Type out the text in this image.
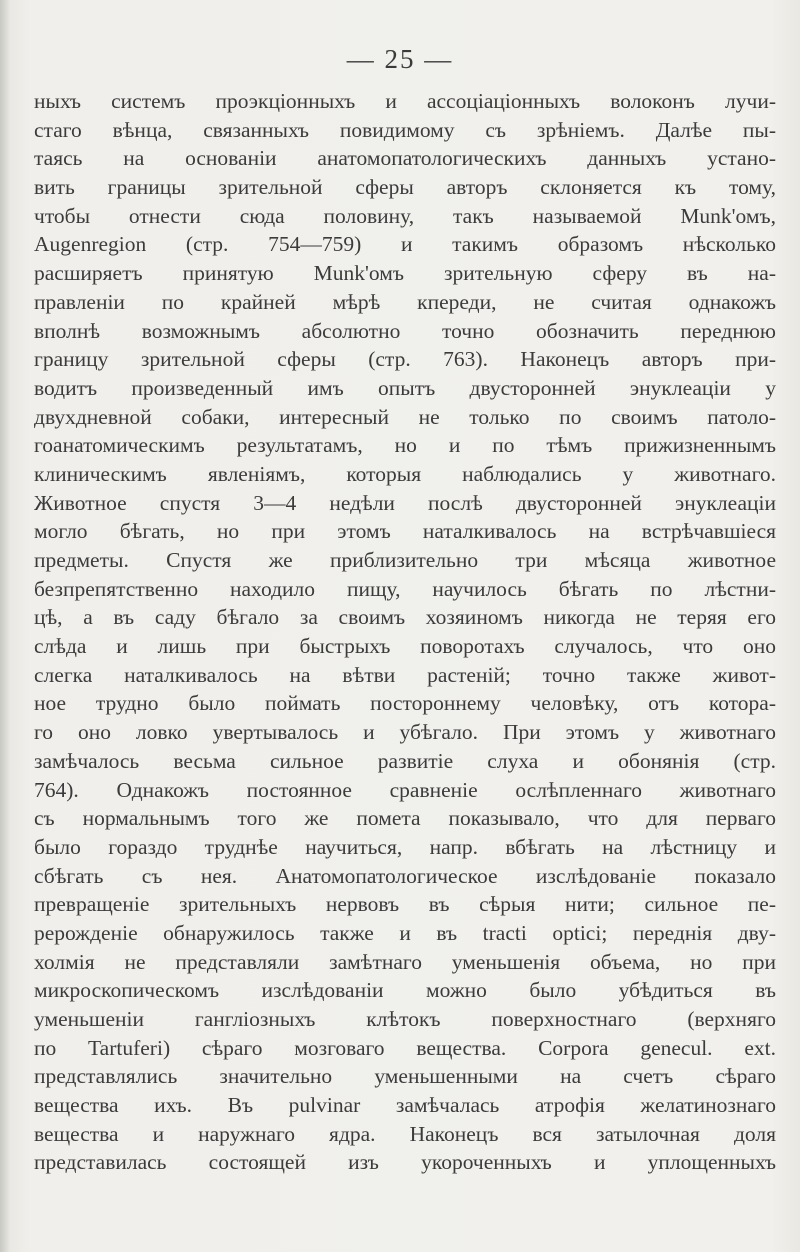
— 25 —
ныхъ системъ проэкціонныхъ и ассоціаціонныхъ волоконъ лучи-
стаго вѣнца, связанныхъ повидимому съ зрѣніемъ. Далѣе пы-
таясь на основаніи анатомопатологическихъ данныхъ устано-
вить границы зрительной сферы авторъ склоняется къ тому,
чтобы отнести сюда половину, такъ называемой Munk'омъ,
Augenregion (стр. 754—759) и такимъ образомъ нѣсколько
расширяетъ принятую Munk'омъ зрительную сферу въ на-
правленіи по крайней мѣрѣ кпереди, не считая однакожъ
вполнѣ возможнымъ абсолютно точно обозначить переднюю
границу зрительной сферы (стр. 763). Наконецъ авторъ при-
водитъ произведенный имъ опытъ двусторонней энуклеаціи у
двухдневной собаки, интересный не только по своимъ патоло-
гоанатомическимъ результатамъ, но и по тѣмъ прижизненнымъ
клиническимъ явленіямъ, которыя наблюдались у животнаго.
Животное спустя 3—4 недѣли послѣ двусторонней энуклеаціи
могло бѣгать, но при этомъ наталкивалось на встрѣчавшіеся
предметы. Спустя же приблизительно три мѣсяца животное
безпрепятственно находило пищу, научилось бѣгать по лѣстни-
цѣ, а въ саду бѣгало за своимъ хозяиномъ никогда не теряя его
слѣда и лишь при быстрыхъ поворотахъ случалось, что оно
слегка наталкивалось на вѣтви растеній; точно также живот-
ное трудно было поймать постороннему человѣку, отъ котора-
го оно ловко увертывалось и убѣгало. При этомъ у животнаго
замѣчалось весьма сильное развитіе слуха и обонянія (стр.
764). Однакожъ постоянное сравненіе ослѣпленнаго животнаго
съ нормальнымъ того же помета показывало, что для перваго
было гораздо труднѣе научиться, напр. вбѣгать на лѣстницу и
сбѣгать съ нея. Анатомопатологическое изслѣдованіе показало
превращеніе зрительныхъ нервовъ въ сѣрыя нити; сильное пе-
рерожденіе обнаружилось также и въ tracti optici; переднія дву-
холмія не представляли замѣтнаго уменьшенія объема, но при
микроскопическомъ изслѣдованіи можно было убѣдиться въ
уменьшеніи гангліозныхъ клѣтокъ поверхностнаго (верхняго
по Tartuferi) сѣраго мозговаго вещества. Corpora genecul. ext.
представлялись значительно уменьшенными на счетъ сѣраго
вещества ихъ. Въ pulvinar замѣчалась атрофія желатинознаго
вещества и наружнаго ядра. Наконецъ вся затылочная доля
представилась состоящей изъ укороченныхъ и уплощенныхъ
